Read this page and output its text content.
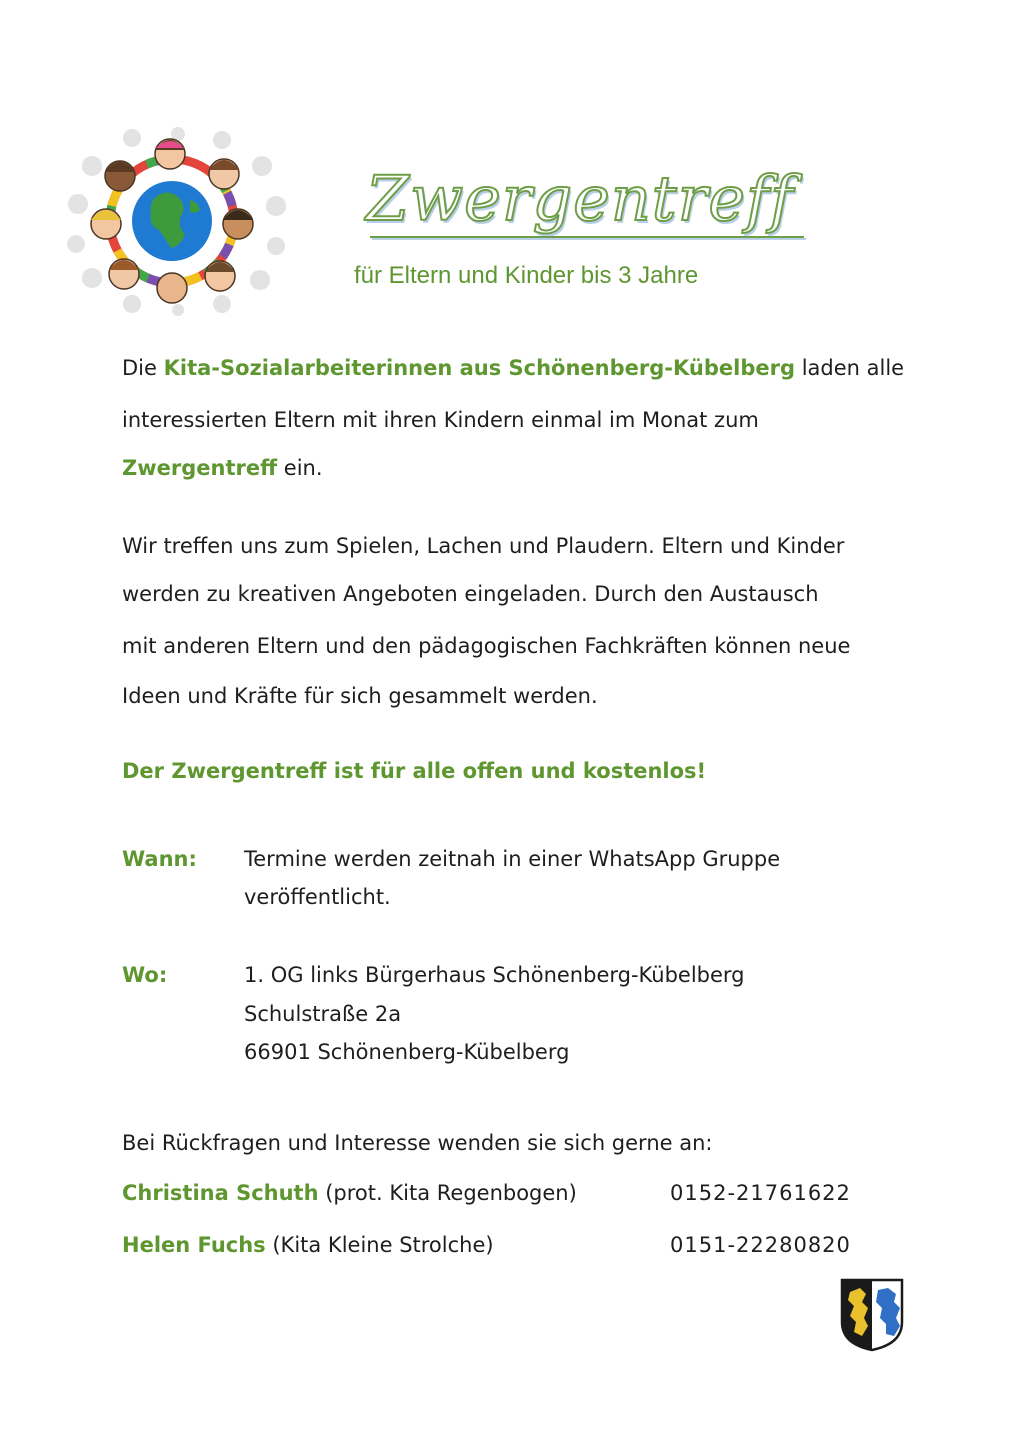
Zwergentreff
für Eltern und Kinder bis 3 Jahre
Die Kita-Sozialarbeiterinnen aus Schönenberg-Kübelberg laden alle
interessierten Eltern mit ihren Kindern einmal im Monat zum
Zwergentreff ein.
Wir treffen uns zum Spielen, Lachen und Plaudern. Eltern und Kinder
werden zu kreativen Angeboten eingeladen. Durch den Austausch
mit anderen Eltern und den pädagogischen Fachkräften können neue
Ideen und Kräfte für sich gesammelt werden.
Der Zwergentreff ist für alle offen und kostenlos!
Wann: Termine werden zeitnah in einer WhatsApp Gruppe
veröffentlicht.
Wo:	1. OG links Bürgerhaus Schönenberg-Kübelberg
Schulstraße 2a
66901 Schönenberg-Kübelberg
Bei Rückfragen und Interesse wenden sie sich gerne an:
Christina Schuth (prot. Kita Regenbogen)	0152-21761622
Helen Fuchs (Kita Kleine Strolche)	0151-22280820
